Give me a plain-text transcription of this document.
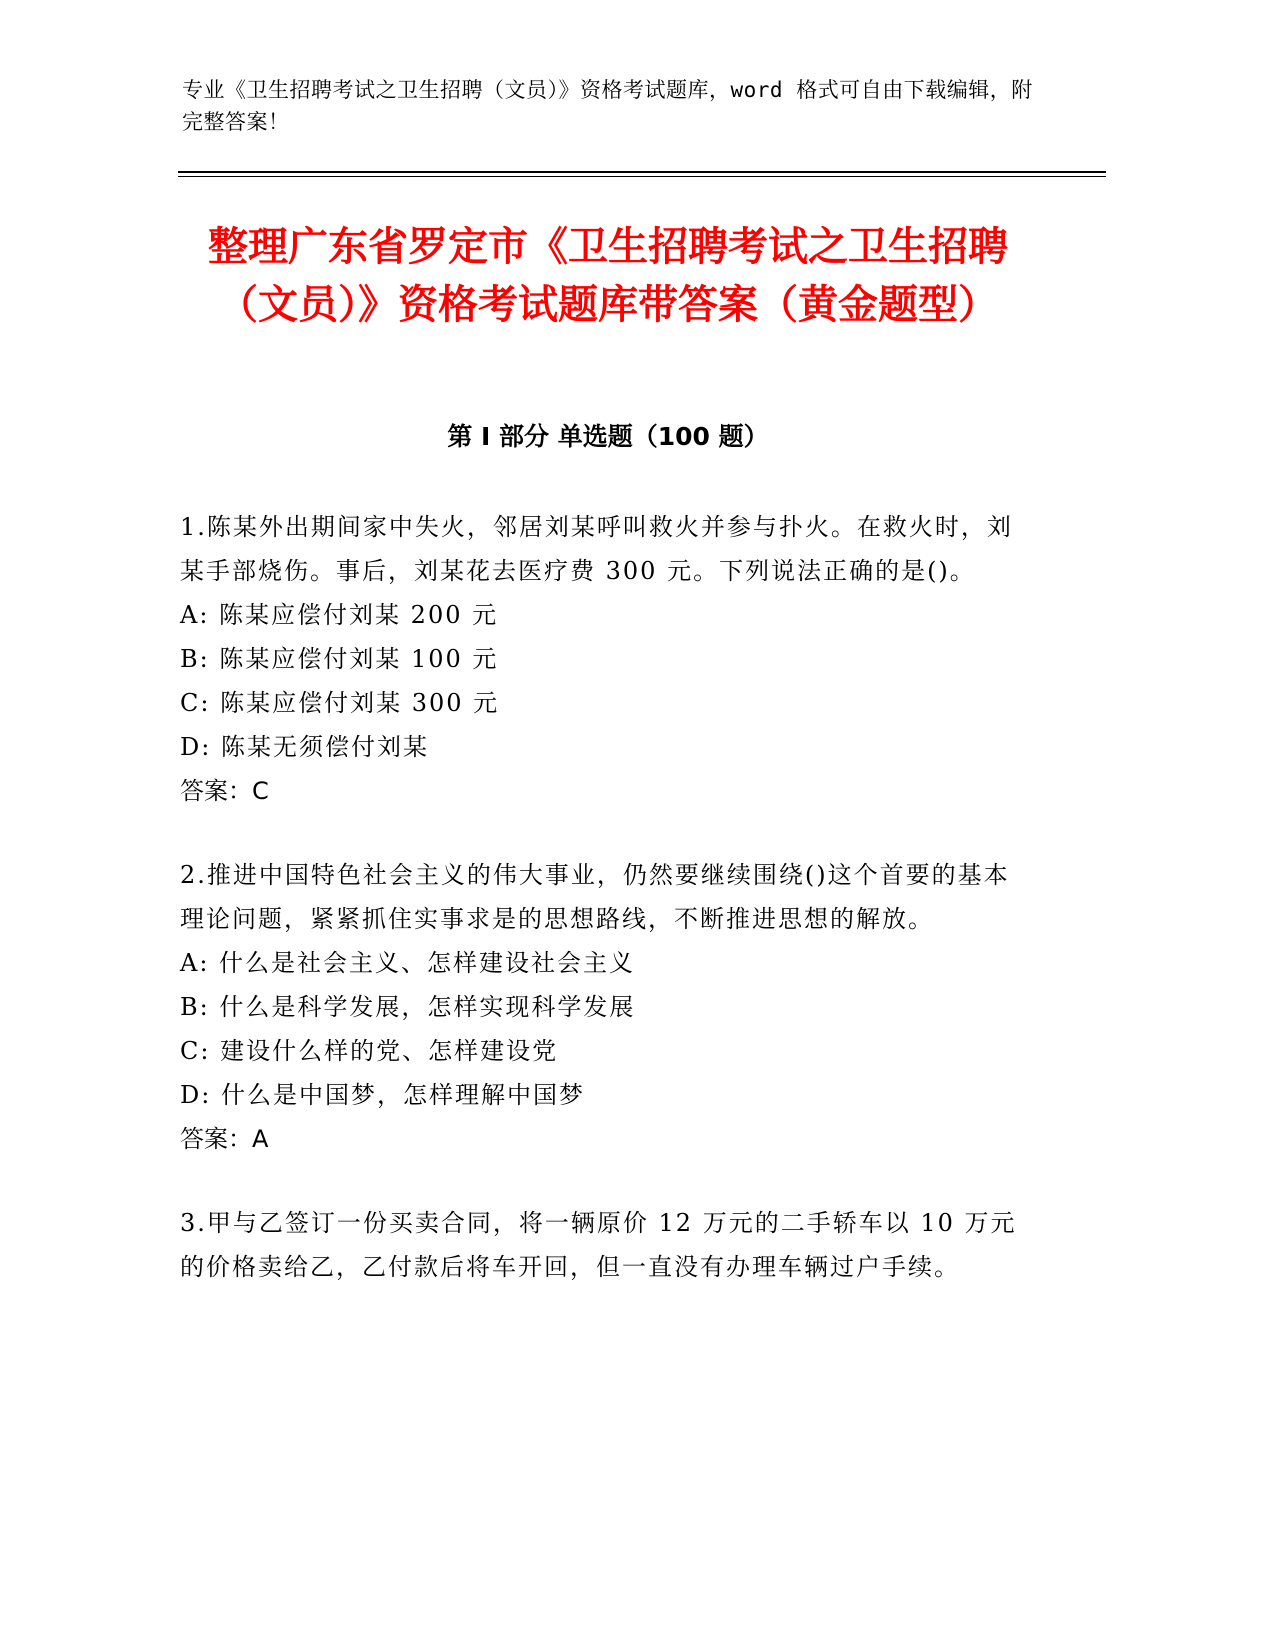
专业《卫生招聘考试之卫生招聘（文员）》资格考试题库，word 格式可自由下载编辑，附完整答案！
整理广东省罗定市《卫生招聘考试之卫生招聘（文员）》资格考试题库带答案（黄金题型）
第 I 部分 单选题（100 题）

1.陈某外出期间家中失火，邻居刘某呼叫救火并参与扑火。在救火时，刘某手部烧伤。事后，刘某花去医疗费 300 元。下列说法正确的是()。

A: 陈某应偿付刘某 200 元

B: 陈某应偿付刘某 100 元

C: 陈某应偿付刘某 300 元

D: 陈某无须偿付刘某

答案：C

2.推进中国特色社会主义的伟大事业，仍然要继续围绕()这个首要的基本理论问题，紧紧抓住实事求是的思想路线，不断推进思想的解放。

A: 什么是社会主义、怎样建设社会主义

B: 什么是科学发展，怎样实现科学发展

C: 建设什么样的党、怎样建设党

D: 什么是中国梦，怎样理解中国梦

答案：A

3.甲与乙签订一份买卖合同，将一辆原价 12 万元的二手轿车以 10 万元的价格卖给乙，乙付款后将车开回，但一直没有办理车辆过户手续。
